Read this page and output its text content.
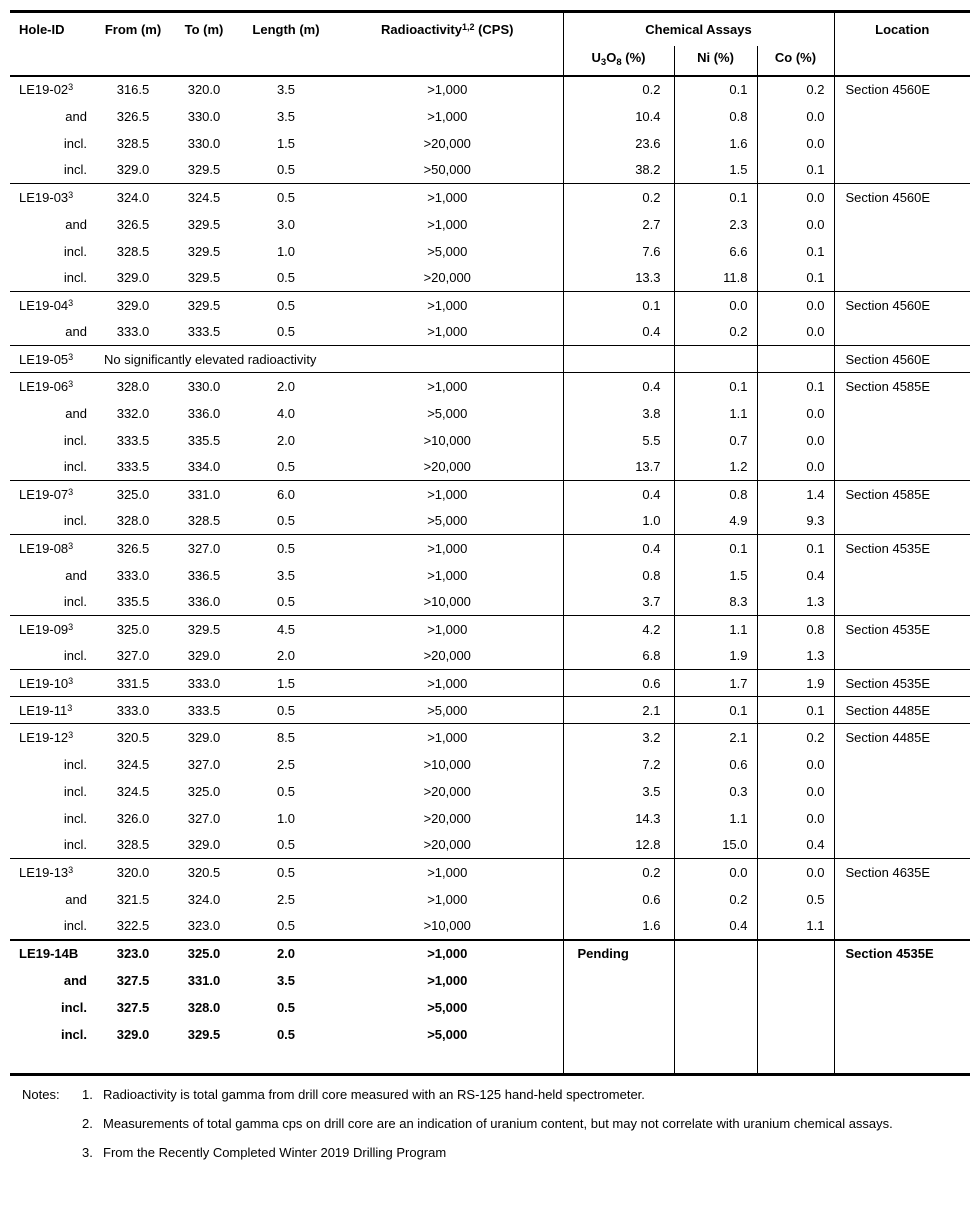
Hole-ID	From (m)	To (m)	Length (m)	Radioactivity$^{1,2}$ (CPS)	Chemical Assays			Location
					$U_3O_8$ (%)	Ni (%)	Co (%)	
$LE19-02^3$	316.5	320.0	3.5	>1,000	0.2	0.1	0.2	Section 4560E
and	326.5	330.0	3.5	>1,000	10.4	0.8	0.0	
incl.	328.5	330.0	1.5	>20,000	23.6	1.6	0.0	
incl.	329.0	329.5	0.5	>50,000	38.2	1.5	0.1	
$LE19-03^3$	324.0	324.5	0.5	>1,000	0.2	0.1	0.0	Section 4560E
and	326.5	329.5	3.0	>1,000	2.7	2.3	0.0	
incl.	328.5	329.5	1.0	>5,000	7.6	6.6	0.1	
incl.	329.0	329.5	0.5	>20,000	13.3	11.8	0.1	
$LE19-04^3$	329.0	329.5	0.5	>1,000	0.1	0.0	0.0	Section 4560E
and	333.0	333.5	0.5	>1,000	0.4	0.2	0.0	
$LE19-05^3$	No significantly elevated radioactivity							Section 4560E
$LE19-06^3$	328.0	330.0	2.0	>1,000	0.4	0.1	0.1	Section 4585E
and	332.0	336.0	4.0	>5,000	3.8	1.1	0.0	
incl.	333.5	335.5	2.0	>10,000	5.5	0.7	0.0	
incl.	333.5	334.0	0.5	>20,000	13.7	1.2	0.0	
$LE19-07^3$	325.0	331.0	6.0	>1,000	0.4	0.8	1.4	Section 4585E
incl.	328.0	328.5	0.5	>5,000	1.0	4.9	9.3	
$LE19-08^3$	326.5	327.0	0.5	>1,000	0.4	0.1	0.1	Section 4535E
and	333.0	336.5	3.5	>1,000	0.8	1.5	0.4	
incl.	335.5	336.0	0.5	>10,000	3.7	8.3	1.3	
$LE19-09^3$	325.0	329.5	4.5	>1,000	4.2	1.1	0.8	Section 4535E
incl.	327.0	329.0	2.0	>20,000	6.8	1.9	1.3	
$LE19-10^3$	331.5	333.0	1.5	>1,000	0.6	1.7	1.9	Section 4535E
$LE19-11^3$	333.0	333.5	0.5	>5,000	2.1	0.1	0.1	Section 4485E
$LE19-12^3$	320.5	329.0	8.5	>1,000	3.2	2.1	0.2	Section 4485E
incl.	324.5	327.0	2.5	>10,000	7.2	0.6	0.0	
incl.	324.5	325.0	0.5	>20,000	3.5	0.3	0.0	
incl.	326.0	327.0	1.0	>20,000	14.3	1.1	0.0	
incl.	328.5	329.0	0.5	>20,000	12.8	15.0	0.4	
$LE19-13^3$	320.0	320.5	0.5	>1,000	0.2	0.0	0.0	Section 4635E
and	321.5	324.0	2.5	>1,000	0.6	0.2	0.5	
incl.	322.5	323.0	0.5	>10,000	1.6	0.4	1.1	
LE19-14B	323.0	325.0	2.0	>1,000	Pending			Section 4535E
and	327.5	331.0	3.5	>1,000				
incl.	327.5	328.0	0.5	>5,000				
incl.	329.0	329.5	0.5	>5,000				

Notes:	1. Radioactivity is total gamma from drill core measured with an RS-125 hand-held spectrometer.
2. Measurements of total gamma cps on drill core are an indication of uranium content, but may not correlate with uranium chemical assays.
3. From the Recently Completed Winter 2019 Drilling Program
